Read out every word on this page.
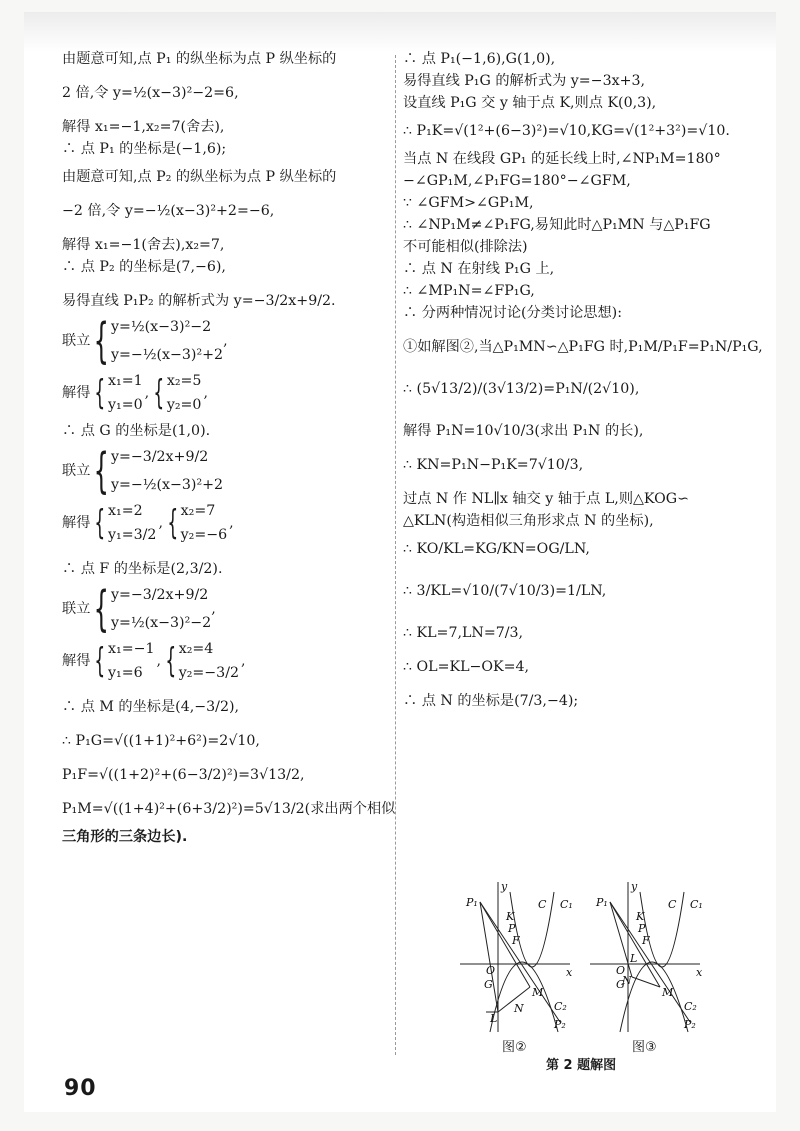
由题意可知,点 P₁ 的纵坐标为点 P 纵坐标的
2 倍,令 y=½(x−3)²−2=6,
解得 x₁=−1,x₂=7(舍去),
∴ 点 P₁ 的坐标是(−1,6);
由题意可知,点 P₂ 的纵坐标为点 P 纵坐标的
−2 倍,令 y=−½(x−3)²+2=−6,
解得 x₁=−1(舍去),x₂=7,
∴ 点 P₂ 的坐标是(7,−6),
易得直线 P₁P₂ 的解析式为 y=−3/2x+9/2.
联立 { y=½(x−3)²−2
y=−½(x−3)²+2
,
解得 { x₁=1
y₁=0
, { x₂=5
y₂=0
,
∴ 点 G 的坐标是(1,0).
联立 { y=−3/2x+9/2
y=−½(x−3)²+2
解得 { x₁=2
y₁=3/2
, { x₂=7
y₂=−6
,
∴ 点 F 的坐标是(2,3/2).
联立 { y=−3/2x+9/2
y=½(x−3)²−2
,
解得 { x₁=−1
y₁=6
, { x₂=4
y₂=−3/2
,
∴ 点 M 的坐标是(4,−3/2),
∴ P₁G=√((1+1)²+6²)=2√10,
P₁F=√((1+2)²+(6−3/2)²)=3√13/2,
P₁M=√((1+4)²+(6+3/2)²)=5√13/2(求出两个相似
三角形的三条边长).
∴ 点 P₁(−1,6),G(1,0),
易得直线 P₁G 的解析式为 y=−3x+3,
设直线 P₁G 交 y 轴于点 K,则点 K(0,3),
∴ P₁K=√(1²+(6−3)²)=√10,KG=√(1²+3²)=√10.
当点 N 在线段 GP₁ 的延长线上时,∠NP₁M=180°
−∠GP₁M,∠P₁FG=180°−∠GFM,
∵ ∠GFM>∠GP₁M,
∴ ∠NP₁M≠∠P₁FG,易知此时△P₁MN 与△P₁FG
不可能相似(排除法)
∴ 点 N 在射线 P₁G 上,
∴ ∠MP₁N=∠FP₁G,
∴ 分两种情况讨论(分类讨论思想):
①如解图②,当△P₁MN∽△P₁FG 时,P₁M/P₁F=P₁N/P₁G,
∴ (5√13/2)/(3√13/2)=P₁N/(2√10),
解得 P₁N=10√10/3(求出 P₁N 的长),
∴ KN=P₁N−P₁K=7√10/3,
过点 N 作 NL∥x 轴交 y 轴于点 L,则△KOG∽
△KLN(构造相似三角形求点 N 的坐标),
∴ KO/KL=KG/KN=OG/LN,
∴ 3/KL=√10/(7√10/3)=1/LN,
∴ KL=7,LN=7/3,
∴ OL=KL−OK=4,
∴ 点 N 的坐标是(7/3,−4);
y
x
P₁
K
P
F
C C₁
O
G
M
L
N	C₂
P₂
y
x
P₁
K
P
F
C C₁
O
G
N
L
M
C₂
P₂
图②	图③
第 2 题解图
90
